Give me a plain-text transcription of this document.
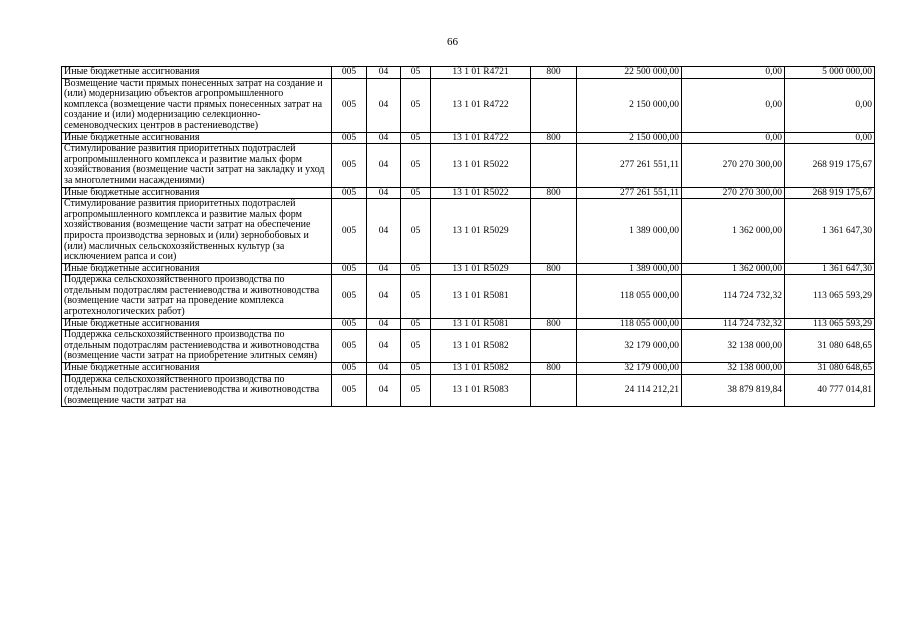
66
Иные бюджетные ассигнования	005	04	05	13 1 01 R4721	800	22 500 000,00	0,00	5 000 000,00
Возмещение части прямых понесенных затрат на создание и (или) модернизацию объектов агропромышленного комплекса (возмещение части прямых понесенных затрат на создание и (или) модернизацию селекционно-семеноводческих центров в растениеводстве)	005	04	05	13 1 01 R4722		2 150 000,00	0,00	0,00
Иные бюджетные ассигнования	005	04	05	13 1 01 R4722	800	2 150 000,00	0,00	0,00
Стимулирование развития приоритетных подотраслей агропромышленного комплекса и развитие малых форм хозяйствования (возмещение части затрат на закладку и уход за многолетними насаждениями)	005	04	05	13 1 01 R5022		277 261 551,11	270 270 300,00	268 919 175,67
Иные бюджетные ассигнования	005	04	05	13 1 01 R5022	800	277 261 551,11	270 270 300,00	268 919 175,67
Стимулирование развития приоритетных подотраслей агропромышленного комплекса и развитие малых форм хозяйствования (возмещение части затрат на обеспечение прироста производства зерновых и (или) зернобобовых и (или) масличных сельскохозяйственных культур (за исключением рапса и сои)	005	04	05	13 1 01 R5029		1 389 000,00	1 362 000,00	1 361 647,30
Иные бюджетные ассигнования	005	04	05	13 1 01 R5029	800	1 389 000,00	1 362 000,00	1 361 647,30
Поддержка сельскохозяйственного производства по отдельным подотраслям растениеводства и животноводства (возмещение части затрат на проведение комплекса агротехнологических работ)	005	04	05	13 1 01 R5081		118 055 000,00	114 724 732,32	113 065 593,29
Иные бюджетные ассигнования	005	04	05	13 1 01 R5081	800	118 055 000,00	114 724 732,32	113 065 593,29
Поддержка сельскохозяйственного производства по отдельным подотраслям растениеводства и животноводства (возмещение части затрат на приобретение элитных семян)	005	04	05	13 1 01 R5082		32 179 000,00	32 138 000,00	31 080 648,65
Иные бюджетные ассигнования	005	04	05	13 1 01 R5082	800	32 179 000,00	32 138 000,00	31 080 648,65
Поддержка сельскохозяйственного производства по отдельным подотраслям растениеводства и животноводства (возмещение части затрат на	005	04	05	13 1 01 R5083		24 114 212,21	38 879 819,84	40 777 014,81
